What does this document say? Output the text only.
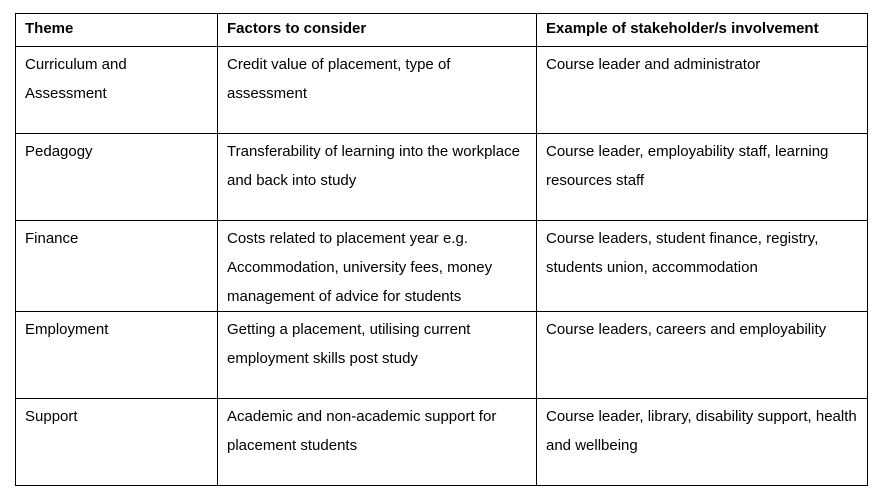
Theme	Factors to consider	Example of stakeholder/s involvement
Curriculum and Assessment	Credit value of placement, type of assessment	Course leader and administrator
Pedagogy	Transferability of learning into the workplace and back into study	Course leader, employability staff, learning resources staff
Finance	Costs related to placement year e.g. Accommodation, university fees, money management of advice for students	Course leaders, student finance, registry, students union, accommodation
Employment	Getting a placement, utilising current employment skills post study	Course leaders, careers and employability
Support	Academic and non-academic support for placement students	Course leader, library, disability support, health and wellbeing
